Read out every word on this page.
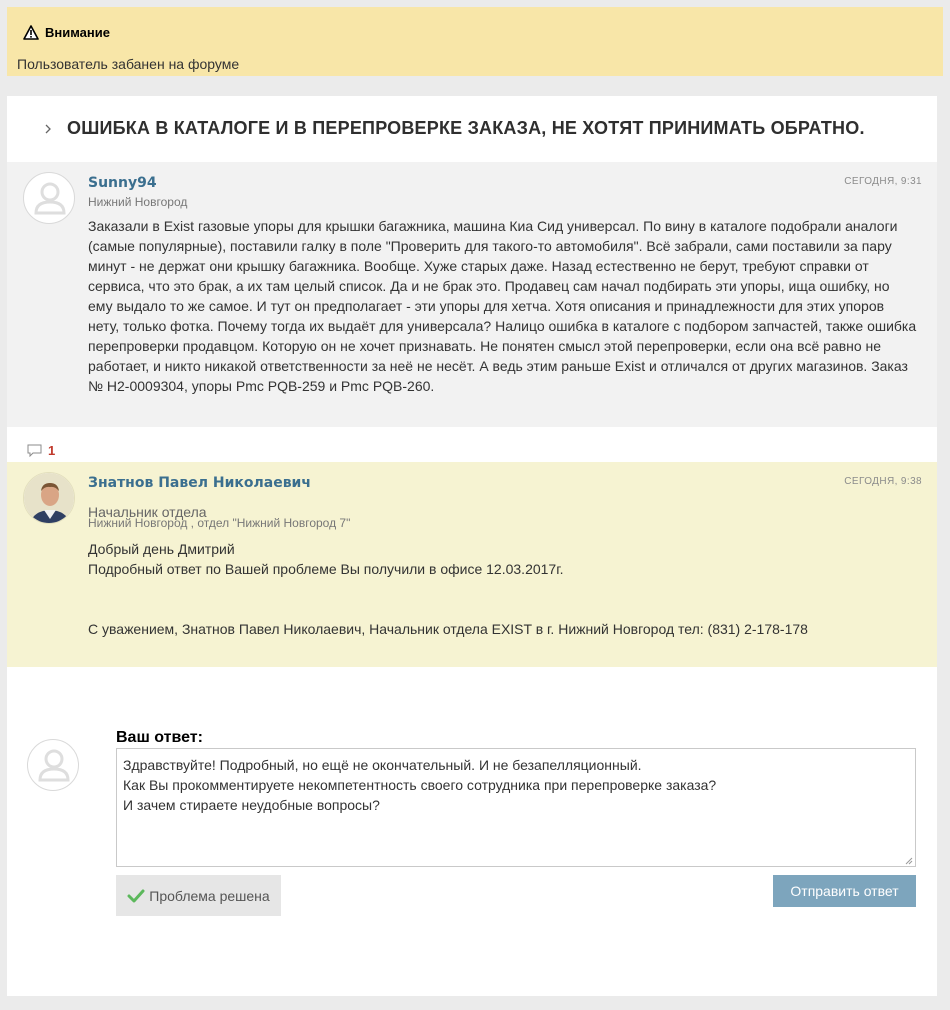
Внимание
Пользователь забанен на форуме
ОШИБКА В КАТАЛОГЕ И В ПЕРЕПРОВЕРКЕ ЗАКАЗА, НЕ ХОТЯТ ПРИНИМАТЬ ОБРАТНО.
Sunny94	СЕГОДНЯ, 9:31
Нижний Новгород

Заказали в Exist газовые упоры для крышки багажника, машина Киа Сид универсал. По вину в каталоге подобрали аналоги (самые популярные), поставили галку в поле "Проверить для такого-то автомобиля". Всё забрали, сами поставили за пару минут - не держат они крышку багажника. Вообще. Хуже старых даже. Назад естественно не берут, требуют справки от сервиса, что это брак, а их там целый список. Да и не брак это. Продавец сам начал подбирать эти упоры, ища ошибку, но ему выдало то же самое. И тут он предполагает - эти упоры для хетча. Хотя описания и принадлежности для этих упоров нету, только фотка. Почему тогда их выдаёт для универсала? Налицо ошибка в каталоге с подбором запчастей, также ошибка перепроверки продавцом. Которую он не хочет признавать. Не понятен смысл этой перепроверки, если она всё равно не работает, и никто никакой ответственности за неё не несёт. А ведь этим раньше Exist и отличался от других магазинов. Заказ № Н2-0009304, упоры Pmc PQB-259 и Pmc PQB-260.

1
Знатнов Павел Николаевич	СЕГОДНЯ, 9:38
Начальник отдела
Нижний Новгород , отдел "Нижний Новгород 7"

Добрый день Дмитрий

Подробный ответ по Вашей проблеме Вы получили в офисе 12.03.2017г.

С уважением, Знатнов Павел Николаевич, Начальник отдела EXIST в г. Нижний Новгород тел: (831) 2-178-178

Ваш ответ:
Здравствуйте! Подробный, но ещё не окончательный. И не безапелляционный. Как Вы прокомментируете некомпетентность своего сотрудника при перепроверке заказа? И зачем стираете неудобные вопросы?
Проблема решена	Отправить ответ
